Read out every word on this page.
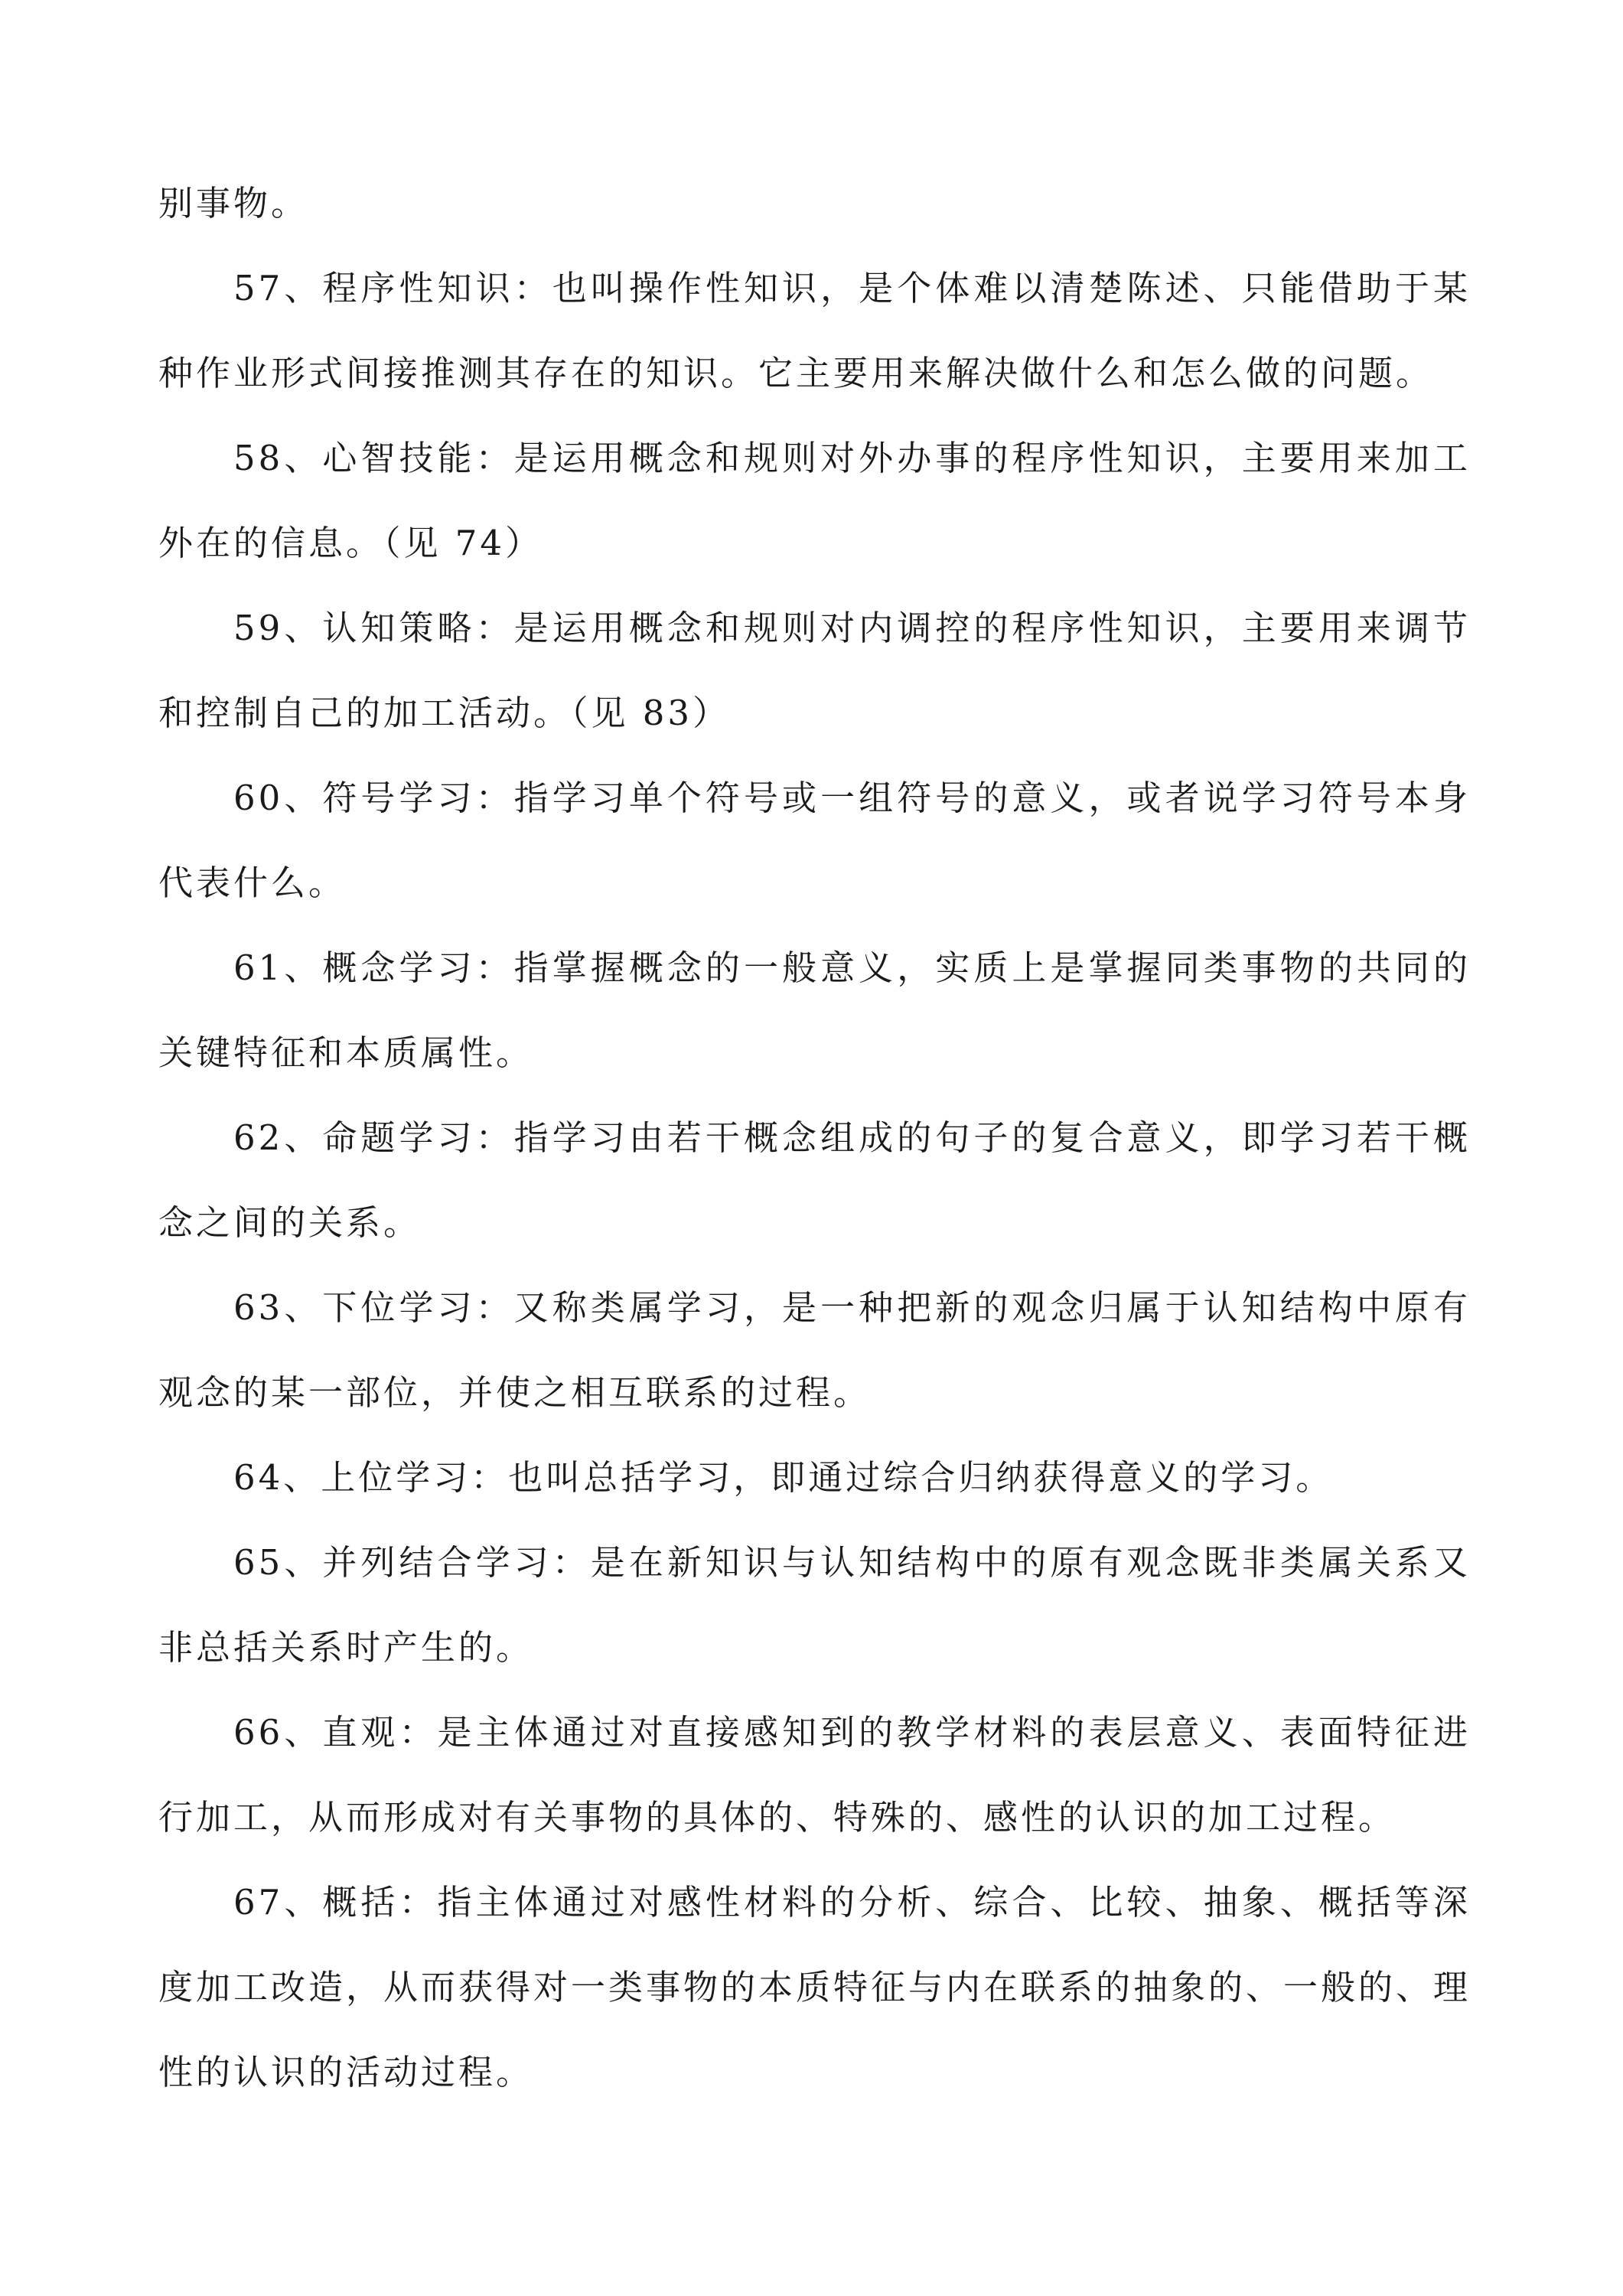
别事物。

57、程序性知识：也叫操作性知识，是个体难以清楚陈述、只能借助于某种作业形式间接推测其存在的知识。它主要用来解决做什么和怎么做的问题。

58、心智技能：是运用概念和规则对外办事的程序性知识，主要用来加工外在的信息。（见 74）

59、认知策略：是运用概念和规则对内调控的程序性知识，主要用来调节和控制自己的加工活动。（见 83）

60、符号学习：指学习单个符号或一组符号的意义，或者说学习符号本身代表什么。

61、概念学习：指掌握概念的一般意义，实质上是掌握同类事物的共同的关键特征和本质属性。

62、命题学习：指学习由若干概念组成的句子的复合意义，即学习若干概念之间的关系。

63、下位学习：又称类属学习，是一种把新的观念归属于认知结构中原有观念的某一部位，并使之相互联系的过程。

64、上位学习：也叫总括学习，即通过综合归纳获得意义的学习。

65、并列结合学习：是在新知识与认知结构中的原有观念既非类属关系又非总括关系时产生的。

66、直观：是主体通过对直接感知到的教学材料的表层意义、表面特征进行加工，从而形成对有关事物的具体的、特殊的、感性的认识的加工过程。

67、概括：指主体通过对感性材料的分析、综合、比较、抽象、概括等深度加工改造，从而获得对一类事物的本质特征与内在联系的抽象的、一般的、理性的认识的活动过程。
